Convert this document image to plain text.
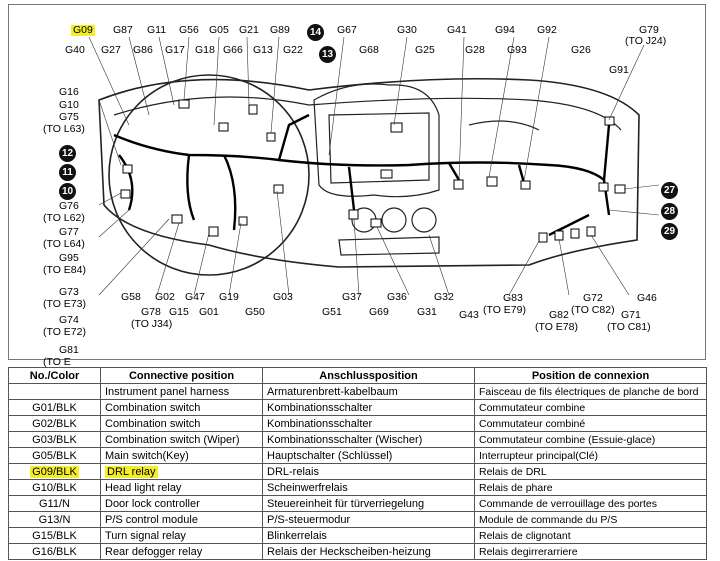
G09 G87 G11 G56 G05 G21 G89	G67	G30	G41	G94 G92	G79
(TO J24)
G40 G27 G86 G17 G18 G66 G13 G22	G68	G25	G28 G93	G26
G91
G16
G10
G75
(TO L63)
G76
(TO L62)
G77
(TO L64)
G95
(TO E84)
G73
(TO E73)
G74
(TO E72)
G81
(TO E
G58 G02 G47 G19	G03
G78
(TO J34)
G15 G01 G50
G37 G36	G32
G51	G69	G31 G43
G83
(TO E79) G82
(TO E78)
G72
(TO C82) G71
(TO C81)
G46
14
13
12
11
10	27
28
29
No./Color	Connective position	Anschlussposition	Position de connexion
	Instrument panel harness	Armaturenbrett-kabelbaum	Faisceau de fils électriques de planche de bord
G01/BLK	Combination switch	Kombinationsschalter	Commutateur combine
G02/BLK	Combination switch	Kombinationsschalter	Commutateur combiné
G03/BLK	Combination switch (Wiper)	Kombinationsschalter (Wischer)	Commutateur combine (Essuie-glace)
G05/BLK	Main switch(Key)	Hauptschalter (Schlüssel)	Interrupteur principal(Clé)
G09/BLK	DRL relay	DRL-relais	Relais de DRL
G10/BLK	Head light relay	Scheinwerfrelais	Relais de phare
G11/N	Door lock controller	Steuereinheit für türverriegelung	Commande de verrouillage des portes
G13/N	P/S control module	P/S-steuermodur	Module de commande du P/S
G15/BLK	Turn signal relay	Blinkerrelais	Relais de clignotant
G16/BLK	Rear defogger relay	Relais der Heckscheiben-heizung	Relais degirrerarriere
